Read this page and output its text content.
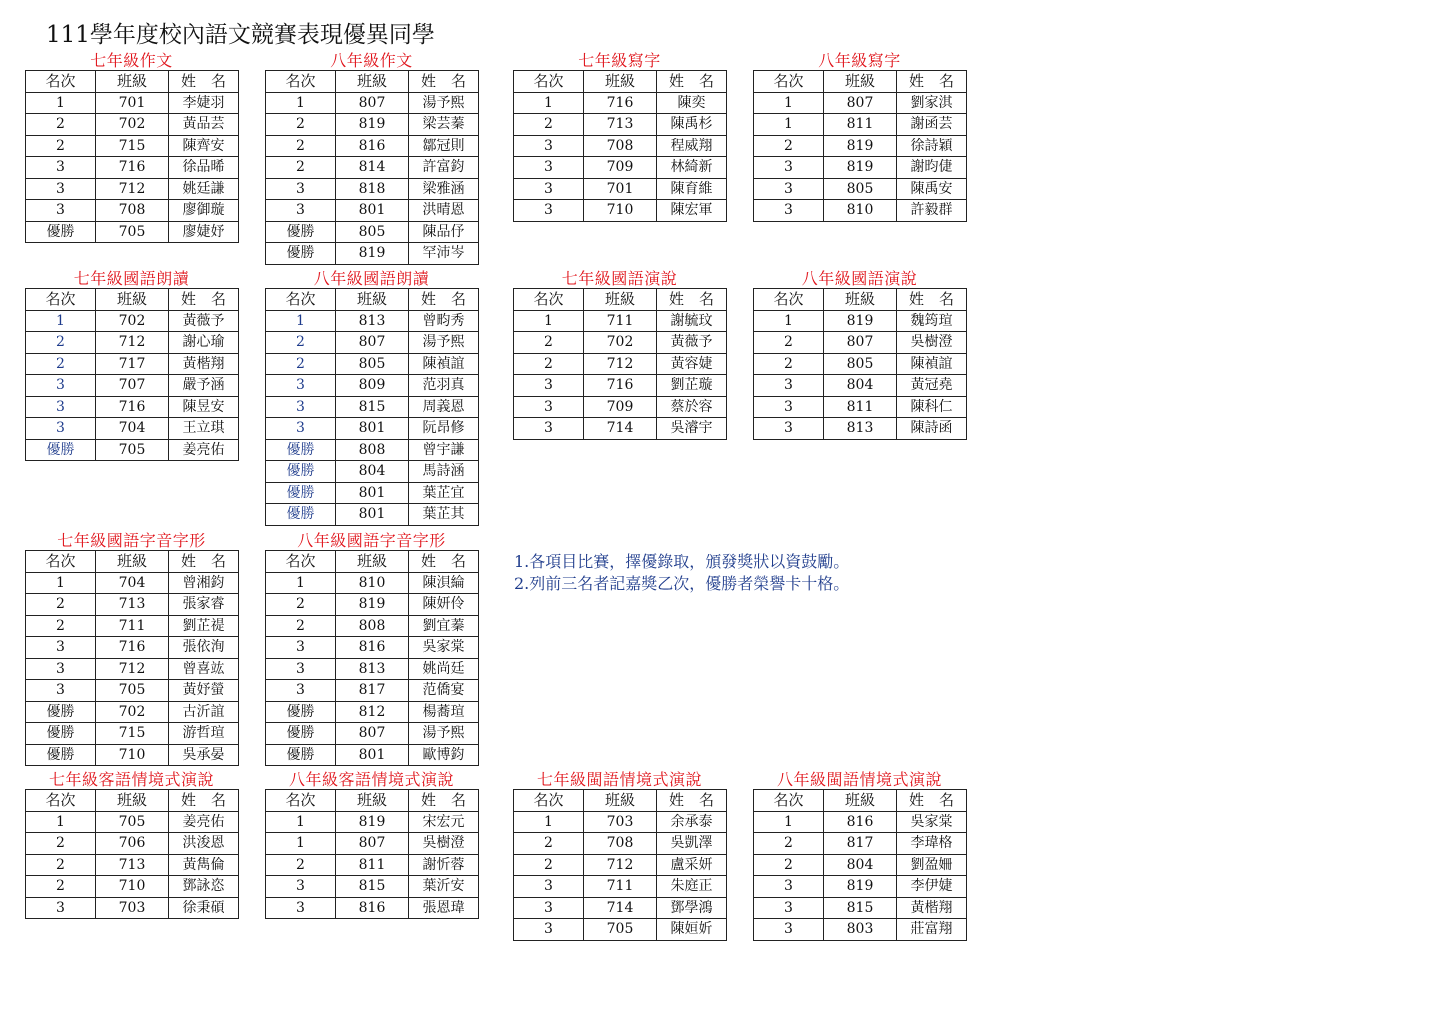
111學年度校內語文競賽表現優異同學
七年級作文
名次	班級	姓　名
1	701	李婕羽
2	702	黃品芸
2	715	陳齊安
3	716	徐品晞
3	712	姚廷謙
3	708	廖御璇
優勝	705	廖婕妤
八年級作文
名次	班級	姓　名
1	807	湯予熙
2	819	梁芸蓁
2	816	鄒冠則
2	814	許富鈞
3	818	梁雅涵
3	801	洪晴恩
優勝	805	陳品伃
優勝	819	罕沛岑
七年級寫字
名次	班級	姓　名
1	716	陳奕
2	713	陳禹杉
3	708	程威翔
3	709	林綺新
3	701	陳育維
3	710	陳宏軍
八年級寫字
名次	班級	姓　名
1	807	劉家淇
1	811	謝函芸
2	819	徐詩穎
3	819	謝昀倢
3	805	陳禹安
3	810	許毅群
七年級國語朗讀
名次	班級	姓　名
1	702	黃薇予
2	712	謝心瑜
2	717	黃楷翔
3	707	嚴予涵
3	716	陳昱安
3	704	王立琪
優勝	705	姜亮佑
八年級國語朗讀
名次	班級	姓　名
1	813	曾畇秀
2	807	湯予熙
2	805	陳禎誼
3	809	范羽真
3	815	周義恩
3	801	阮昂修
優勝	808	曾宇謙
優勝	804	馬詩涵
優勝	801	葉芷宜
優勝	801	葉芷其
七年級國語演說
名次	班級	姓　名
1	711	謝毓玟
2	702	黃薇予
2	712	黃容婕
3	716	劉芷璇
3	709	蔡於容
3	714	吳濬宇
八年級國語演說
名次	班級	姓　名
1	819	魏筠瑄
2	807	吳樹澄
2	805	陳禎誼
3	804	黃冠堯
3	811	陳科仁
3	813	陳詩函
七年級國語字音字形
名次	班級	姓　名
1	704	曾湘鈞
2	713	張家睿
2	711	劉芷禔
3	716	張依洵
3	712	曾喜竑
3	705	黃妤螢
優勝	702	古沂誼
優勝	715	游哲瑄
優勝	710	吳承晏
八年級國語字音字形
名次	班級	姓　名
1	810	陳浿綸
2	819	陳妍伶
2	808	劉宜蓁
3	816	吳家棠
3	813	姚尚廷
3	817	范僑宴
優勝	812	楊蕎瑄
優勝	807	湯予熙
優勝	801	歐博鈞
七年級客語情境式演說
名次	班級	姓　名
1	705	姜亮佑
2	706	洪浚恩
2	713	黃雋倫
2	710	鄧詠恣
3	703	徐秉碩
八年級客語情境式演說
名次	班級	姓　名
1	819	宋宏元
1	807	吳樹澄
2	811	謝忻蓉
3	815	葉沂安
3	816	張恩瑋
七年級閩語情境式演說
名次	班級	姓　名
1	703	余承泰
2	708	吳凱澤
2	712	盧采妍
3	711	朱庭正
3	714	鄧學鴻
3	705	陳姮妡
八年級閩語情境式演說
名次	班級	姓　名
1	816	吳家棠
2	817	李瑋格
2	804	劉盈姍
3	819	李伊婕
3	815	黃楷翔
3	803	莊富翔
1.各項目比賽，擇優錄取，頒發獎狀以資鼓勵。
2.列前三名者記嘉獎乙次，優勝者榮譽卡十格。
